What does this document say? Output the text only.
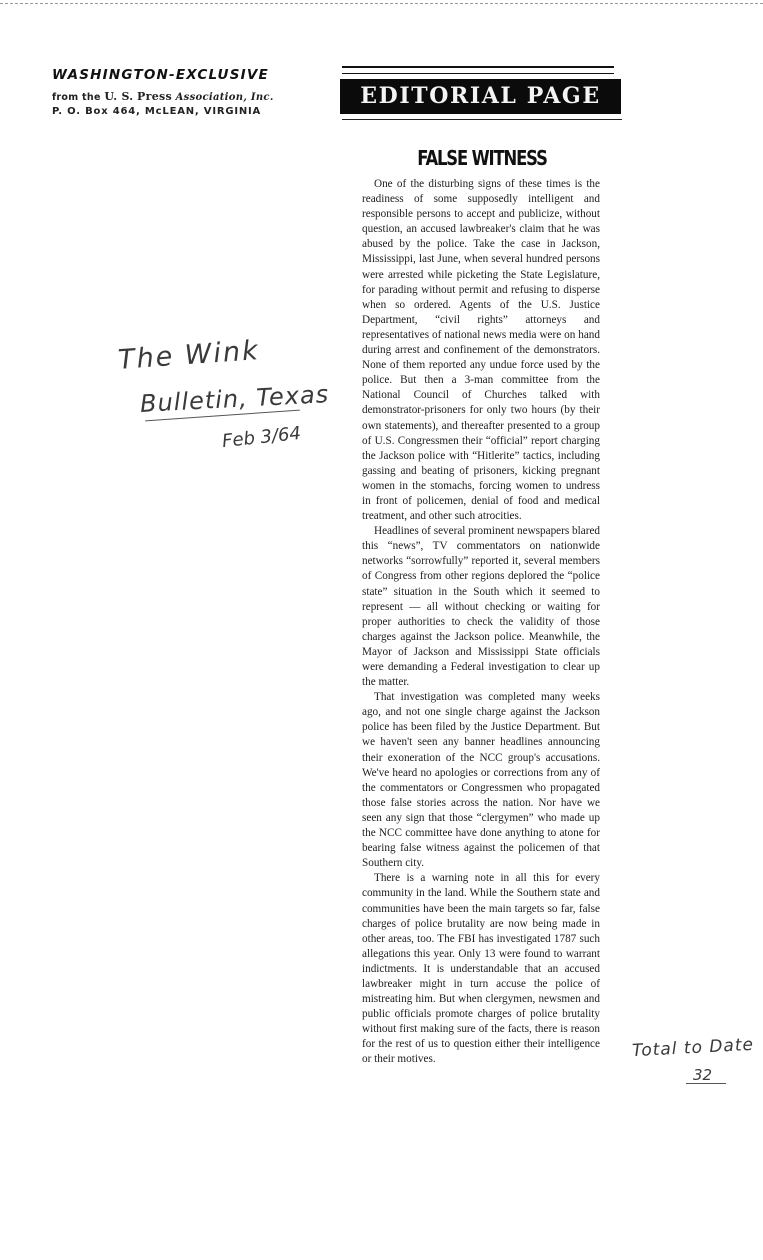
WASHINGTON-EXCLUSIVE
from the U. S. Press Association, Inc.
P. O. Box 464, McLEAN, VIRGINIA
EDITORIAL PAGE
FALSE WITNESS

One of the disturbing signs of these times is the readiness of some supposedly intelligent and responsible persons to accept and publicize, without question, an accused lawbreaker's claim that he was abused by the police. Take the case in Jackson, Mississippi, last June, when several hundred persons were arrested while picketing the State Legislature, for parading without permit and refusing to disperse when so ordered. Agents of the U.S. Justice Department, “civil rights” attorneys and representatives of national news media were on hand during arrest and confinement of the demonstrators. None of them reported any undue force used by the police. But then a 3-man committee from the National Council of Churches talked with demonstrator-prisoners for only two hours (by their own statements), and thereafter presented to a group of U.S. Congressmen their “official” report charging the Jackson police with “Hitlerite” tactics, including gassing and beating of prisoners, kicking pregnant women in the stomachs, forcing women to undress in front of policemen, denial of food and medical treatment, and other such atrocities.

Headlines of several prominent newspapers blared this “news”, TV commentators on nationwide networks “sorrowfully” reported it, several members of Congress from other regions deplored the “police state” situation in the South which it seemed to represent — all without checking or waiting for proper authorities to check the validity of those charges against the Jackson police. Meanwhile, the Mayor of Jackson and Mississippi State officials were demanding a Federal investigation to clear up the matter.

That investigation was completed many weeks ago, and not one single charge against the Jackson police has been filed by the Justice Department. But we haven't seen any banner headlines announcing their exoneration of the NCC group's accusations. We've heard no apologies or corrections from any of the commentators or Congressmen who propagated those false stories across the nation. Nor have we seen any sign that those “clergymen” who made up the NCC committee have done anything to atone for bearing false witness against the policemen of that Southern city.

There is a warning note in all this for every community in the land. While the Southern state and communities have been the main targets so far, false charges of police brutality are now being made in other areas, too. The FBI has investigated 1787 such allegations this year. Only 13 were found to warrant indictments. It is understandable that an accused lawbreaker might in turn accuse the police of mistreating him. But when clergymen, newsmen and public officials promote charges of police brutality without first making sure of the facts, there is reason for the rest of us to question either their intelligence or their motives.

The Wink
Bulletin, Texas
Feb 3/64
Total to Date
32
